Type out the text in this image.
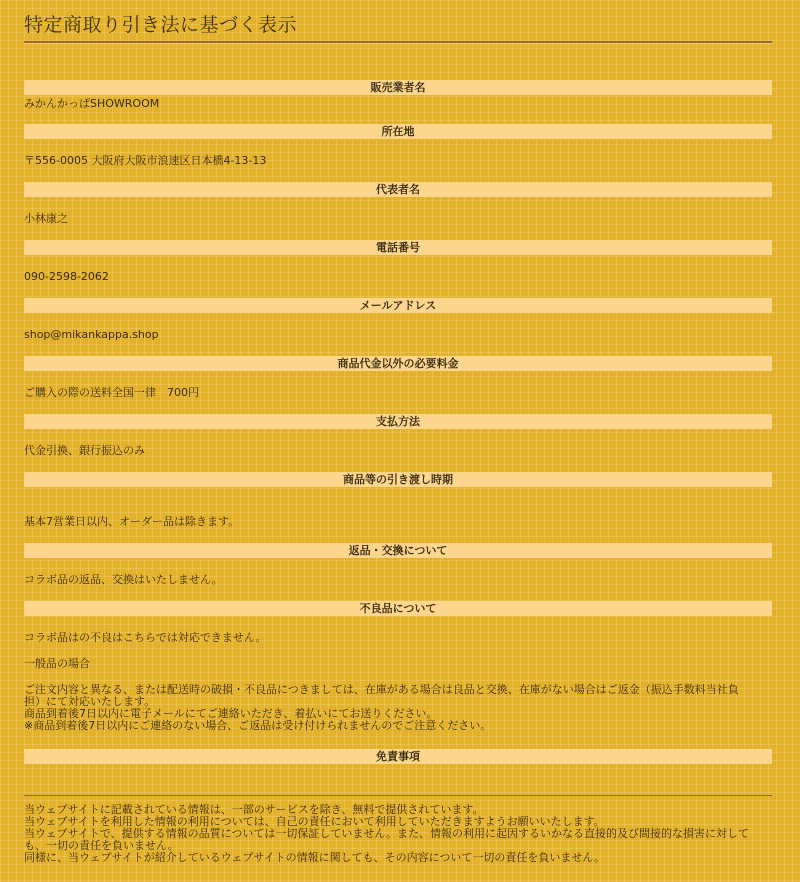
特定商取り引き法に基づく表示
販売業者名
みかんかっぱSHOWROOM
所在地
〒556-0005 大阪府大阪市浪速区日本橋4-13-13
代表者名
小林康之
電話番号
090-2598-2062
メールアドレス
shop@mikankappa.shop
商品代金以外の必要料金
ご購入の際の送料全国一律　700円
支払方法
代金引換、銀行振込のみ
商品等の引き渡し時期
基本7営業日以内、オーダー品は除きます。
返品・交換について
コラボ品の返品、交換はいたしません。
不良品について
コラボ品はの不良はこちらでは対応できません。
一般品の場合
ご注文内容と異なる、または配送時の破損・不良品につきましては、在庫がある場合は良品と交換、在庫がない場合はご返金（振込手数料当社負
担）にて対応いたします。
商品到着後7日以内に電子メールにてご連絡いただき、着払いにてお送りください。
※商品到着後7日以内にご連絡のない場合、ご返品は受け付けられませんのでご注意ください。
免責事項
当ウェブサイトに記載されている情報は、一部のサービスを除き、無料で提供されています。
当ウェブサイトを利用した情報の利用については、自己の責任において利用していただきますようお願いいたします。
当ウェブサイトで、提供する情報の品質については一切保証していません。また、情報の利用に起因するいかなる直接的及び間接的な損害に対して
も、一切の責任を負いません。
同様に、当ウェブサイトが紹介しているウェブサイトの情報に関しても、その内容について一切の責任を負いません。
